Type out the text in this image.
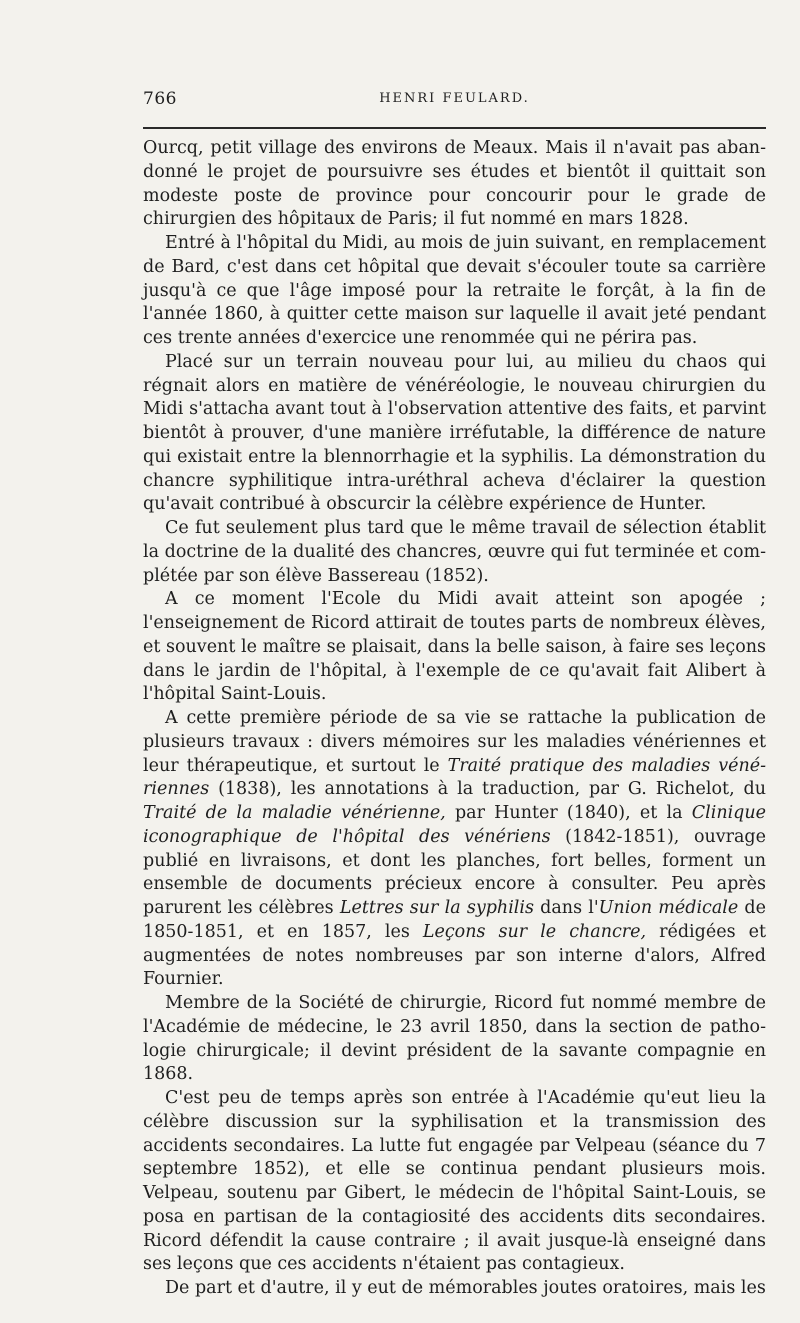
766	HENRI FEULARD.

Ourcq, petit village des environs de Meaux. Mais il n'avait pas abandonné le projet de poursuivre ses études et bientôt il quittait son modeste poste de province pour concourir pour le grade de chirurgien des hôpitaux de Paris; il fut nommé en mars 1828.

Entré à l'hôpital du Midi, au mois de juin suivant, en remplacement de Bard, c'est dans cet hôpital que devait s'écouler toute sa carrière jusqu'à ce que l'âge imposé pour la retraite le forçât, à la fin de l'année 1860, à quitter cette maison sur laquelle il avait jeté pendant ces trente années d'exercice une renommée qui ne périra pas.

Placé sur un terrain nouveau pour lui, au milieu du chaos qui régnait alors en matière de vénéréologie, le nouveau chirurgien du Midi s'attacha avant tout à l'observation attentive des faits, et parvint bientôt à prouver, d'une manière irréfutable, la différence de nature qui existait entre la blennorrhagie et la syphilis. La démonstration du chancre syphilitique intra-uréthral acheva d'éclairer la question qu'avait contribué à obscurcir la célèbre expérience de Hunter.

Ce fut seulement plus tard que le même travail de sélection établit la doctrine de la dualité des chancres, œuvre qui fut terminée et complétée par son élève Bassereau (1852).

A ce moment l'Ecole du Midi avait atteint son apogée ; l'enseignement de Ricord attirait de toutes parts de nombreux élèves, et souvent le maître se plaisait, dans la belle saison, à faire ses leçons dans le jardin de l'hôpital, à l'exemple de ce qu'avait fait Alibert à l'hôpital Saint-Louis.

A cette première période de sa vie se rattache la publication de plusieurs travaux : divers mémoires sur les maladies vénériennes et leur thérapeutique, et surtout le Traité pratique des maladies vénériennes (1838), les annotations à la traduction, par G. Richelot, du Traité de la maladie vénérienne, par Hunter (1840), et la Clinique iconographique de l'hôpital des vénériens (1842-1851), ouvrage publié en livraisons, et dont les planches, fort belles, forment un ensemble de documents précieux encore à consulter. Peu après parurent les célèbres Lettres sur la syphilis dans l'Union médicale de 1850-1851, et en 1857, les Leçons sur le chancre, rédigées et augmentées de notes nombreuses par son interne d'alors, Alfred Fournier.

Membre de la Société de chirurgie, Ricord fut nommé membre de l'Académie de médecine, le 23 avril 1850, dans la section de pathologie chirurgicale; il devint président de la savante compagnie en 1868.

C'est peu de temps après son entrée à l'Académie qu'eut lieu la célèbre discussion sur la syphilisation et la transmission des accidents secondaires. La lutte fut engagée par Velpeau (séance du 7 septembre 1852), et elle se continua pendant plusieurs mois. Velpeau, soutenu par Gibert, le médecin de l'hôpital Saint-Louis, se posa en partisan de la contagiosité des accidents dits secondaires. Ricord défendit la cause contraire ; il avait jusque-là enseigné dans ses leçons que ces accidents n'étaient pas contagieux.

De part et d'autre, il y eut de mémorables joutes oratoires, mais les
